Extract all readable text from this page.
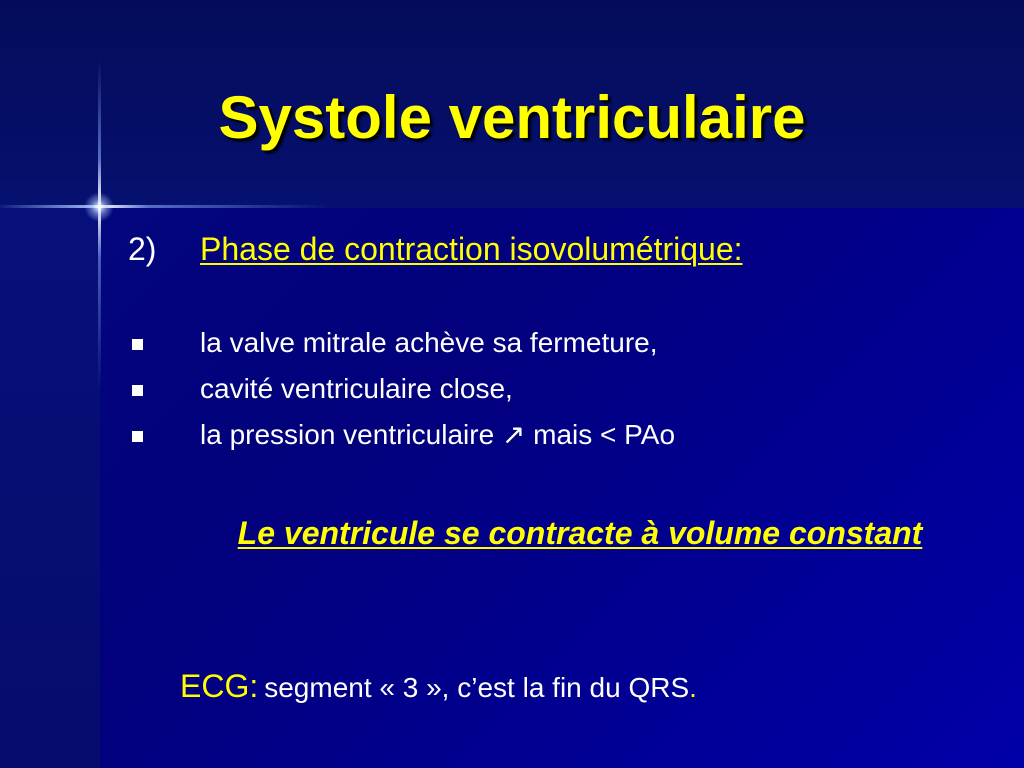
Systole ventriculaire
2) Phase de contraction isovolumétrique:
la valve mitrale achève sa fermeture,
cavité ventriculaire close,
la pression ventriculaire ↗ mais < PAo
Le ventricule se contracte à volume constant
ECG: segment « 3 », c’est la fin du QRS.
